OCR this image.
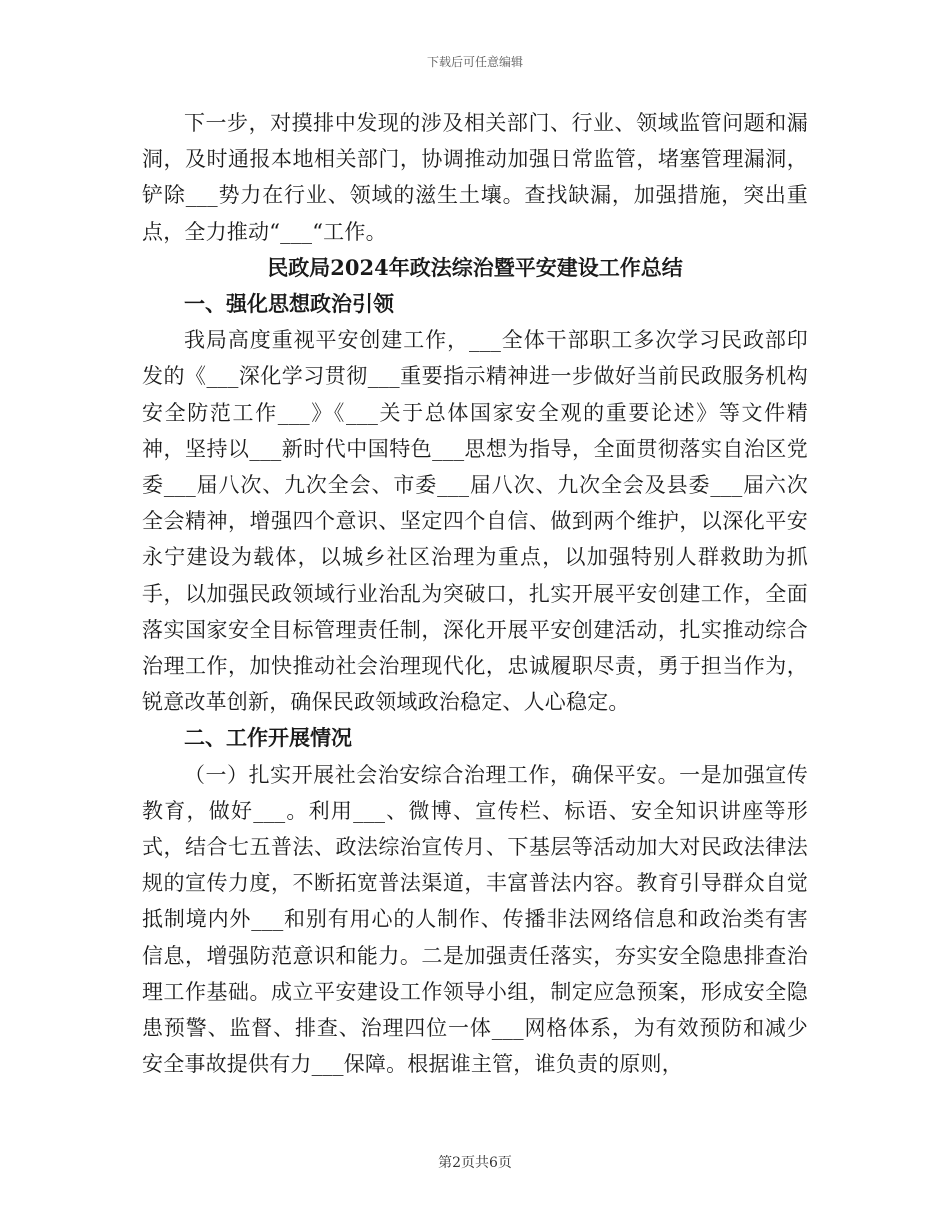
下载后可任意编辑

下一步，对摸排中发现的涉及相关部门、行业、领域监管问题和漏洞，及时通报本地相关部门，协调推动加强日常监管，堵塞管理漏洞，铲除___势力在行业、领域的滋生土壤。查找缺漏，加强措施，突出重点，全力推动“___“工作。

民政局2024年政法综治暨平安建设工作总结

一、强化思想政治引领

我局高度重视平安创建工作，___全体干部职工多次学习民政部印发的《___深化学习贯彻___重要指示精神进一步做好当前民政服务机构安全防范工作___》《___关于总体国家安全观的重要论述》等文件精神，坚持以___新时代中国特色___思想为指导，全面贯彻落实自治区党委___届八次、九次全会、市委___届八次、九次全会及县委___届六次全会精神，增强四个意识、坚定四个自信、做到两个维护，以深化平安永宁建设为载体，以城乡社区治理为重点，以加强特别人群救助为抓手，以加强民政领域行业治乱为突破口，扎实开展平安创建工作，全面落实国家安全目标管理责任制，深化开展平安创建活动，扎实推动综合治理工作，加快推动社会治理现代化，忠诚履职尽责，勇于担当作为，锐意改革创新，确保民政领域政治稳定、人心稳定。

二、工作开展情况

（一）扎实开展社会治安综合治理工作，确保平安。一是加强宣传教育，做好___。利用___、微博、宣传栏、标语、安全知识讲座等形式，结合七五普法、政法综治宣传月、下基层等活动加大对民政法律法规的宣传力度，不断拓宽普法渠道，丰富普法内容。教育引导群众自觉抵制境内外___和别有用心的人制作、传播非法网络信息和政治类有害信息，增强防范意识和能力。二是加强责任落实，夯实安全隐患排查治理工作基础。成立平安建设工作领导小组，制定应急预案，形成安全隐患预警、监督、排查、治理四位一体___网格体系，为有效预防和减少安全事故提供有力___保障。根据谁主管，谁负责的原则，

第2页共6页
